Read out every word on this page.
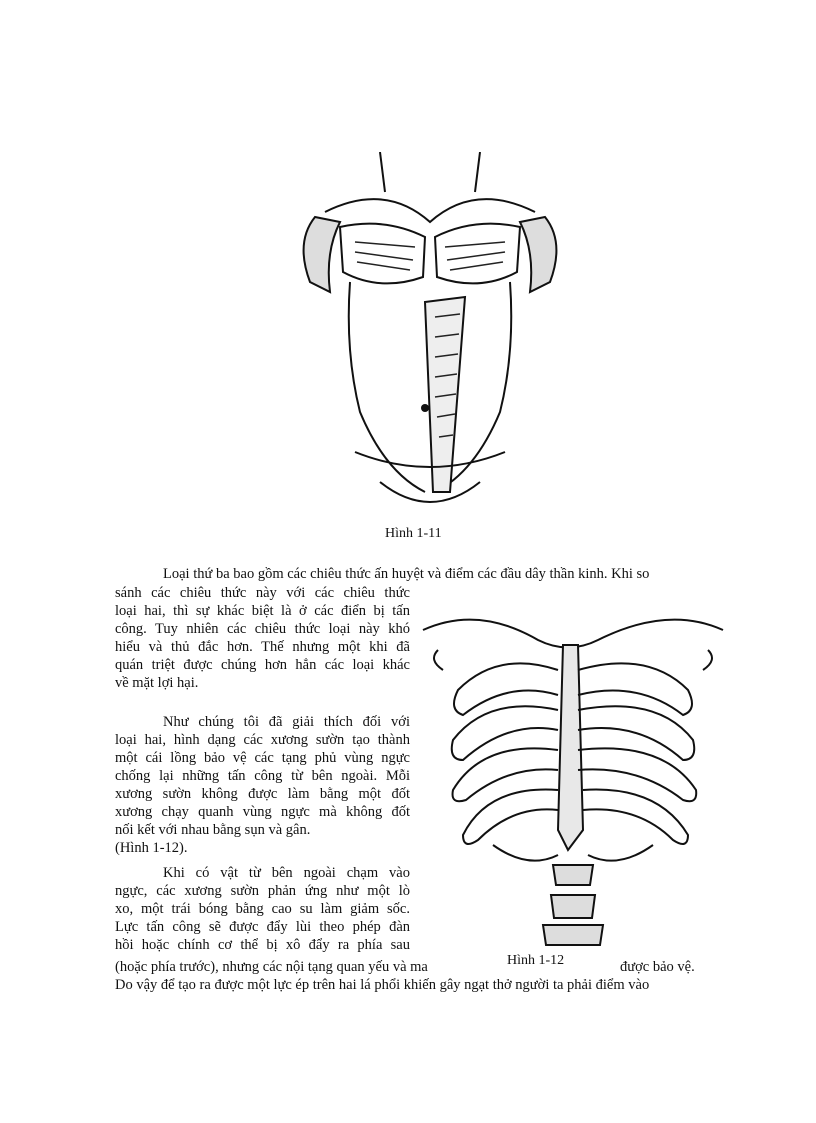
Hình 1-11
Loại thứ ba bao gồm các chiêu thức ấn huyệt và điểm các đầu dây thần kinh. Khi so
sánh các chiêu thức này với các chiêu thức
loại hai, thì sự khác biệt là ở các điển bị tấn
công. Tuy nhiên các chiêu thức loại này khó
hiểu và thủ đắc hơn. Thế nhưng một khi đã
quán triệt được chúng hơn hẳn các loại khác
về mặt lợi hại.
Như chúng tôi đã giải thích đối với
loại hai, hình dạng các xương sườn tạo thành
một cái lồng bảo vệ các tạng phủ vùng ngực
chống lại những tấn công từ bên ngoài. Mỗi
xương sườn không được làm bằng một đốt
xương chạy quanh vùng ngực mà không đốt
nối kết với nhau bằng sụn và gân.
(Hình 1-12).
Khi có vật từ bên ngoài chạm vào
ngực, các xương sườn phản ứng như một lò
xo, một trái bóng bằng cao su làm giảm sốc.
Lực tấn công sẽ được đẩy lùi theo phép đàn
hồi hoặc chính cơ thể bị xô đẩy ra phía sau
(hoặc phía trước), nhưng các nội tạng quan yếu và ma	được bảo vệ.
Do vậy để tạo ra được một lực ép trên hai lá phổi khiến gây ngạt thở người ta phải điểm vào
Hình 1-12
